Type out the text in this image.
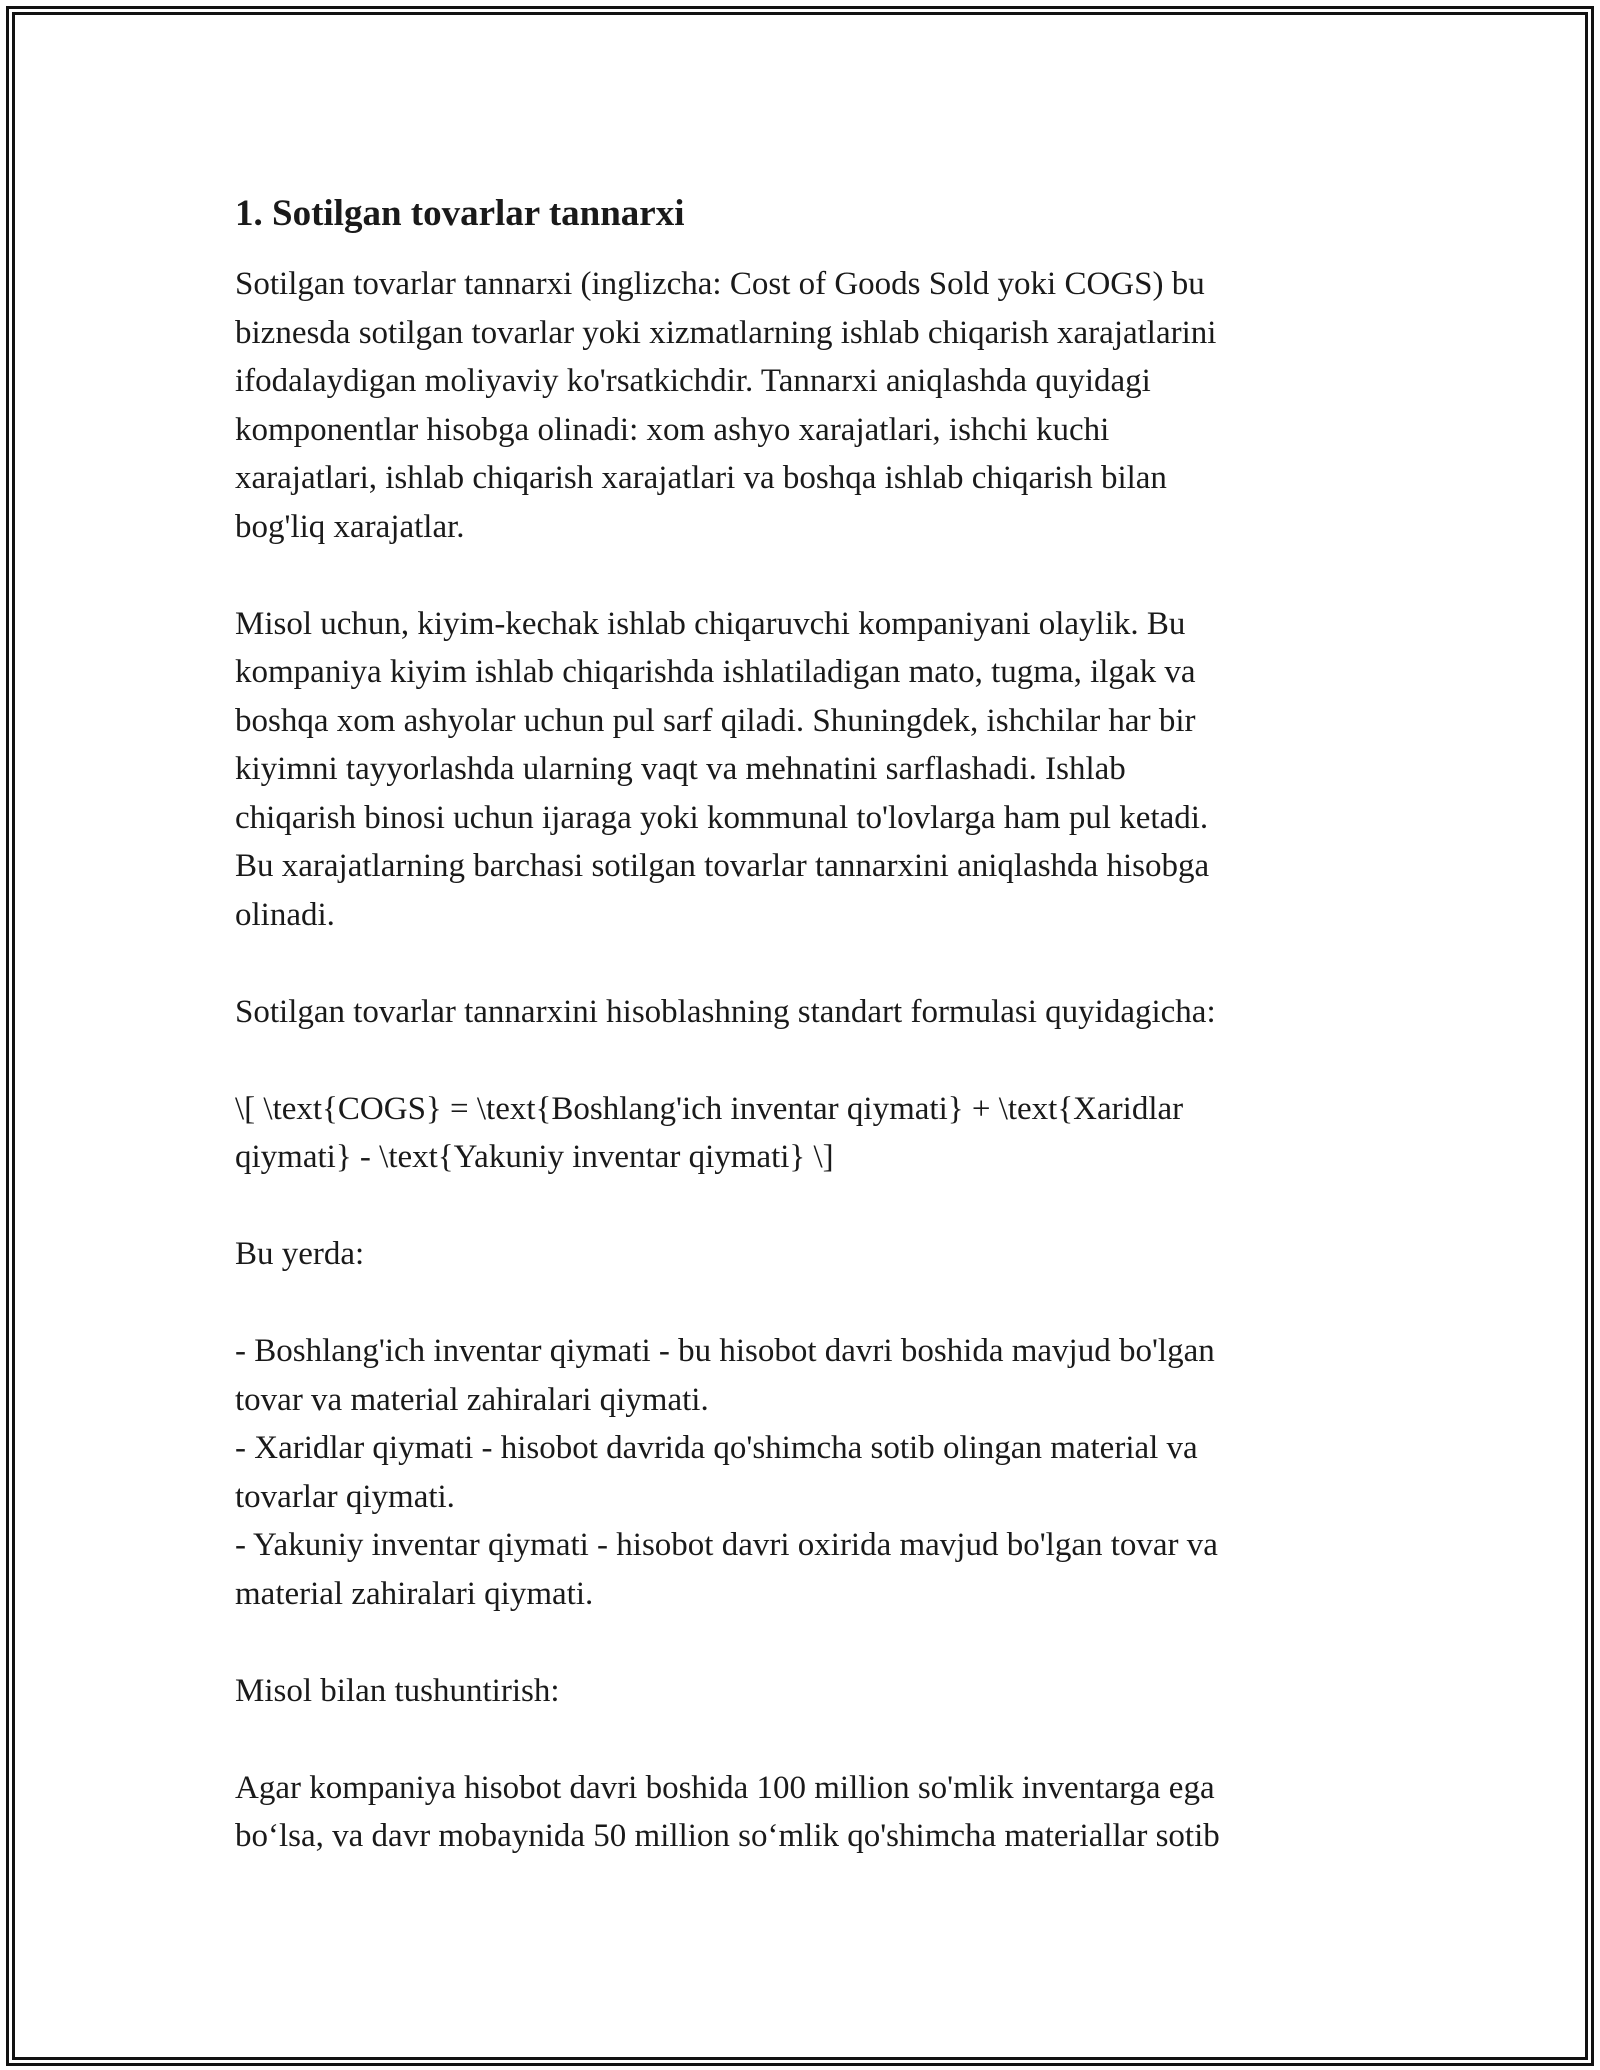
1. Sotilgan tovarlar tannarxi

Sotilgan tovarlar tannarxi (inglizcha: Cost of Goods Sold yoki COGS) bu
biznesda sotilgan tovarlar yoki xizmatlarning ishlab chiqarish xarajatlarini
ifodalaydigan moliyaviy ko'rsatkichdir. Tannarxi aniqlashda quyidagi
komponentlar hisobga olinadi: xom ashyo xarajatlari, ishchi kuchi
xarajatlari, ishlab chiqarish xarajatlari va boshqa ishlab chiqarish bilan
bog'liq xarajatlar.

Misol uchun, kiyim-kechak ishlab chiqaruvchi kompaniyani olaylik. Bu
kompaniya kiyim ishlab chiqarishda ishlatiladigan mato, tugma, ilgak va
boshqa xom ashyolar uchun pul sarf qiladi. Shuningdek, ishchilar har bir
kiyimni tayyorlashda ularning vaqt va mehnatini sarflashadi. Ishlab
chiqarish binosi uchun ijaraga yoki kommunal to'lovlarga ham pul ketadi.
Bu xarajatlarning barchasi sotilgan tovarlar tannarxini aniqlashda hisobga
olinadi.

Sotilgan tovarlar tannarxini hisoblashning standart formulasi quyidagicha:

\[ \text{COGS} = \text{Boshlang'ich inventar qiymati} + \text{Xaridlar
qiymati} - \text{Yakuniy inventar qiymati} \]

Bu yerda:

- Boshlang'ich inventar qiymati - bu hisobot davri boshida mavjud bo'lgan
tovar va material zahiralari qiymati.
- Xaridlar qiymati - hisobot davrida qo'shimcha sotib olingan material va
tovarlar qiymati.
- Yakuniy inventar qiymati - hisobot davri oxirida mavjud bo'lgan tovar va
material zahiralari qiymati.

Misol bilan tushuntirish:

Agar kompaniya hisobot davri boshida 100 million so'mlik inventarga ega
bo‘lsa, va davr mobaynida 50 million so‘mlik qo'shimcha materiallar sotib
